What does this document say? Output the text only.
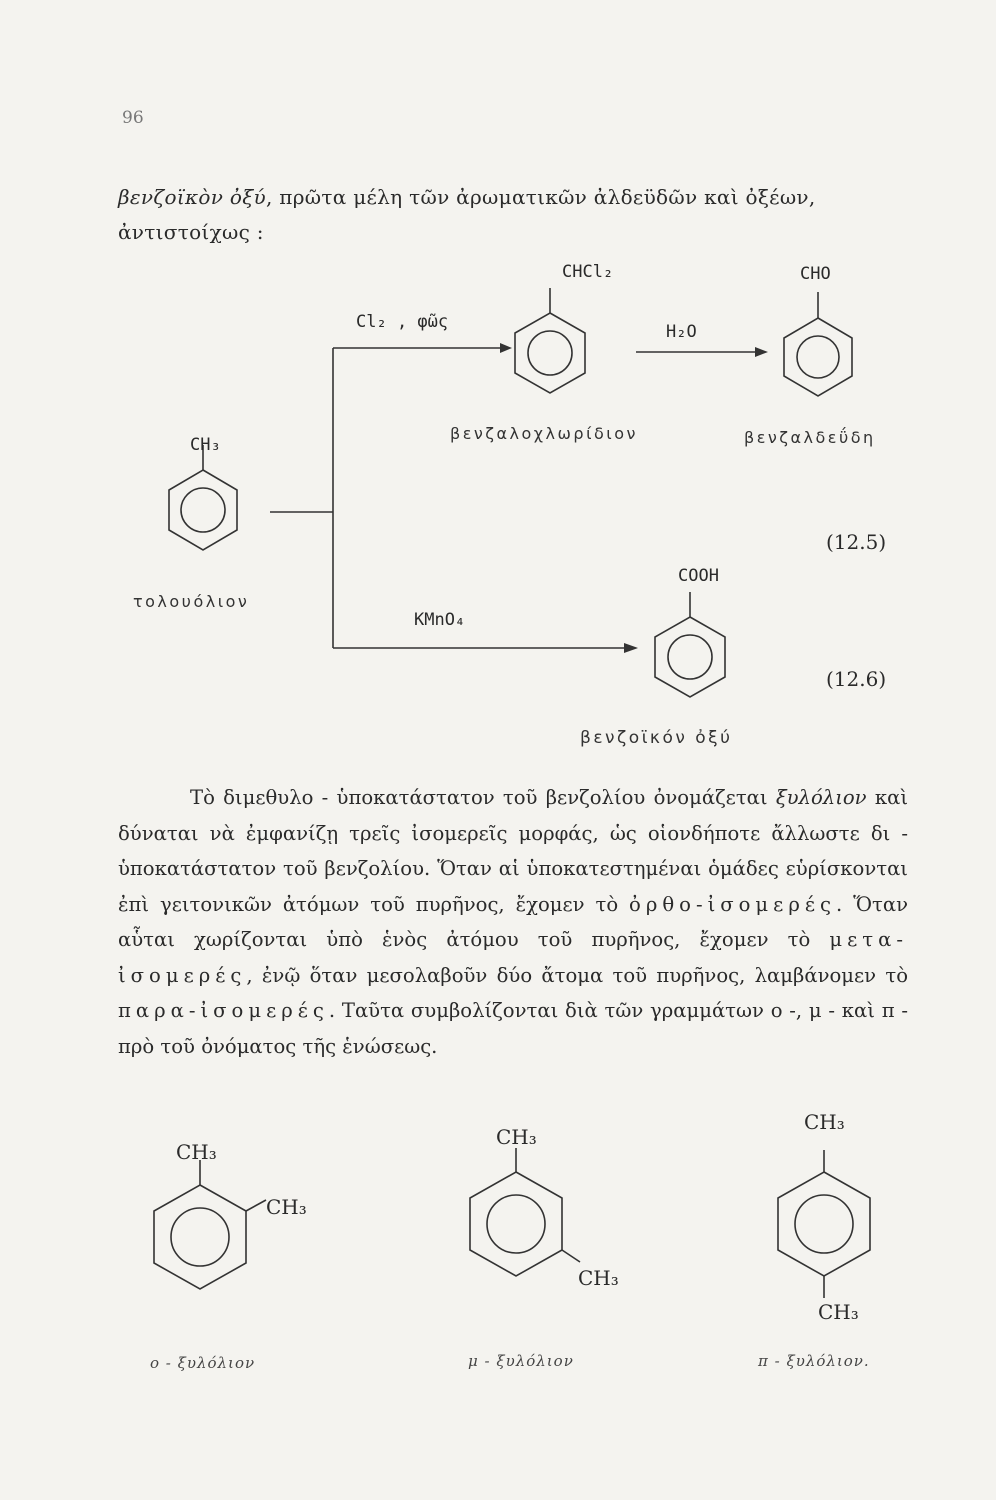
96
βενζοϊκὸν ὀξύ, πρῶτα μέλη τῶν ἀρωματικῶν ἀλδεϋδῶν καὶ ὀξέων, ἀντιστοίχως :
CH₃
τολουόλιον
Cl₂ , φῶς
CHCl₂
βενζαλοχλωρίδιον
H₂O
CHO
βενζαλδεΰδη
(12.5)
COOH
KMnO₄
(12.6)
βενζοϊκόν ὀξύ

Τὸ διμεθυλο - ὑποκατάστατον τοῦ βενζολίου ὀνομάζεται ξυλόλιον καὶ δύναται νὰ ἐμφανίζῃ τρεῖς ἰσομερεῖς μορφάς, ὡς οἱονδήποτε ἄλλωστε δι - ὑποκατάστατον τοῦ βενζολίου. Ὅταν αἱ ὑποκατεστημέναι ὁμάδες εὑρίσκονται ἐπὶ γειτονικῶν ἀτόμων τοῦ πυρῆνος, ἔχομεν τὸ ὀρθο-ἰσομερές. Ὅταν αὗται χωρίζονται ὑπὸ ἑνὸς ἀτόμου τοῦ πυρῆνος, ἔχομεν τὸ μετα-ἰσομερές, ἐνῷ ὅταν μεσολαβοῦν δύο ἄτομα τοῦ πυρῆνος, λαμβάνομεν τὸ παρα-ἰσομερές. Ταῦτα συμβολίζονται διὰ τῶν γραμμάτων ο -, μ - καὶ π - πρὸ τοῦ ὀνόματος τῆς ἑνώσεως.

CH₃
CH₃
CH₃
CH₃
CH₃
CH₃
ο - ξυλόλιον	μ - ξυλόλιον	π - ξυλόλιον.
